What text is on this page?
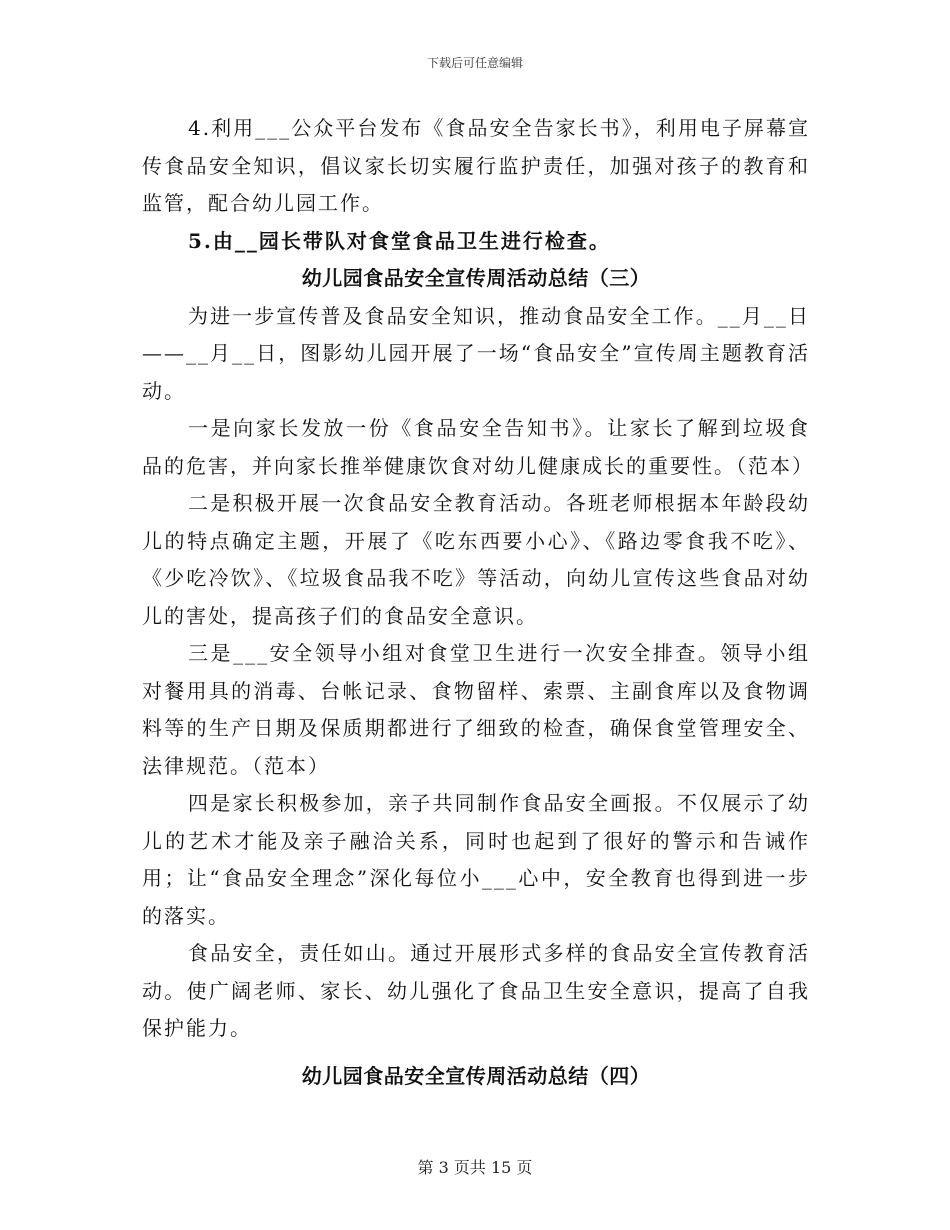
下载后可任意编辑

4.利用___公众平台发布《食品安全告家长书》，利用电子屏幕宣传食品安全知识，倡议家长切实履行监护责任，加强对孩子的教育和监管，配合幼儿园工作。

5.由__园长带队对食堂食品卫生进行检查。

幼儿园食品安全宣传周活动总结（三）

为进一步宣传普及食品安全知识，推动食品安全工作。__月__日——__月__日，图影幼儿园开展了一场“食品安全”宣传周主题教育活动。

一是向家长发放一份《食品安全告知书》。让家长了解到垃圾食品的危害，并向家长推举健康饮食对幼儿健康成长的重要性。（范本）

二是积极开展一次食品安全教育活动。各班老师根据本年龄段幼儿的特点确定主题，开展了《吃东西要小心》、《路边零食我不吃》、《少吃冷饮》、《垃圾食品我不吃》等活动，向幼儿宣传这些食品对幼儿的害处，提高孩子们的食品安全意识。

三是___安全领导小组对食堂卫生进行一次安全排查。领导小组对餐用具的消毒、台帐记录、食物留样、索票、主副食库以及食物调料等的生产日期及保质期都进行了细致的检查，确保食堂管理安全、法律规范。（范本）

四是家长积极参加，亲子共同制作食品安全画报。不仅展示了幼儿的艺术才能及亲子融洽关系，同时也起到了很好的警示和告诫作用；让“食品安全理念”深化每位小___心中，安全教育也得到进一步的落实。

食品安全，责任如山。通过开展形式多样的食品安全宣传教育活动。使广阔老师、家长、幼儿强化了食品卫生安全意识，提高了自我保护能力。

幼儿园食品安全宣传周活动总结（四）
第 3 页共 15 页
